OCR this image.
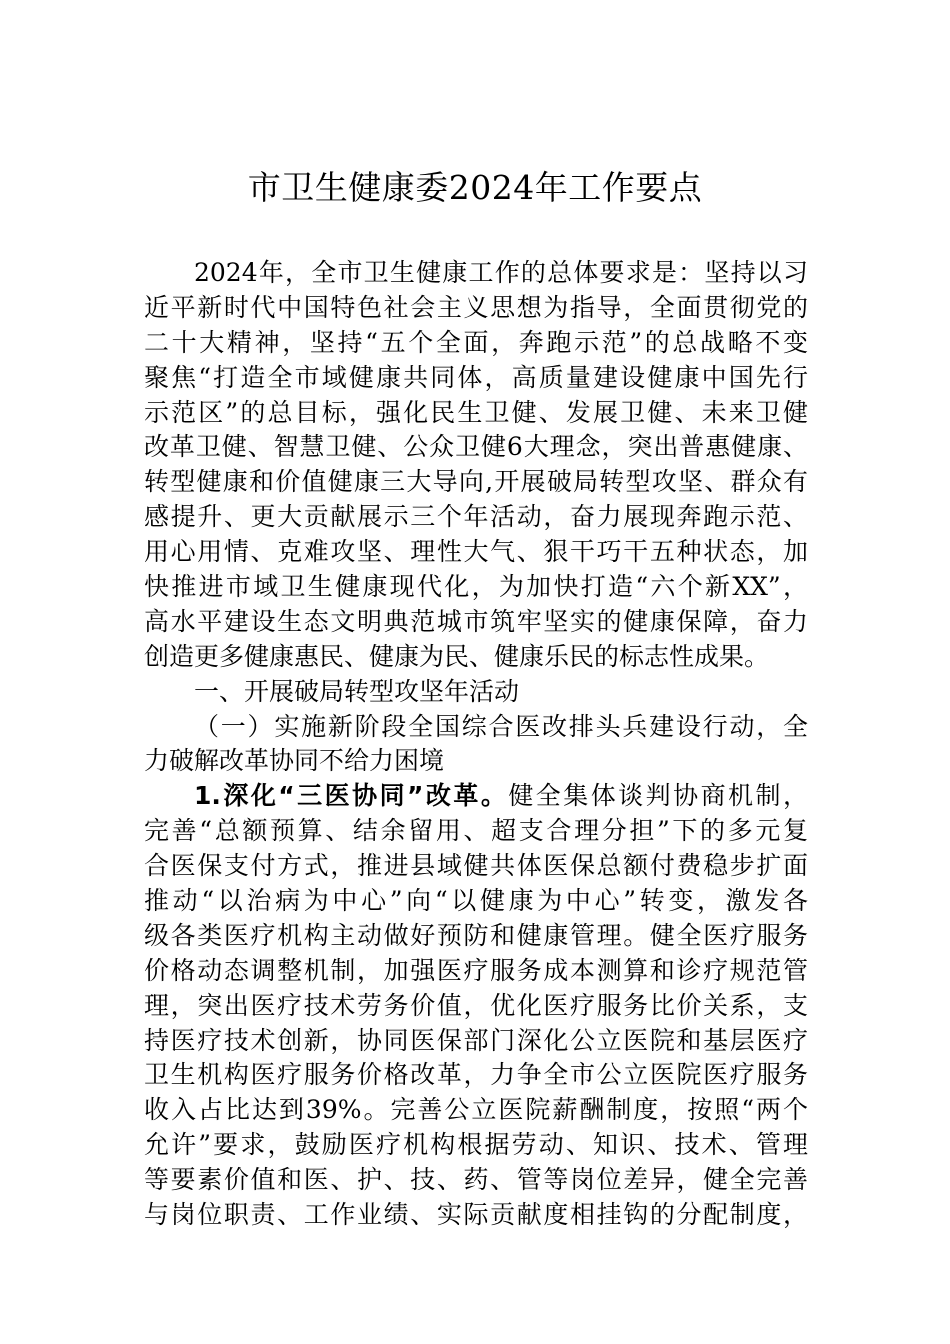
市卫生健康委2024年工作要点
2024年，全市卫生健康工作的总体要求是：坚持以习
近平新时代中国特色社会主义思想为指导，全面贯彻党的
二十大精神，坚持“五个全面，奔跑示范”的总战略不变
聚焦“打造全市域健康共同体，高质量建设健康中国先行
示范区”的总目标，强化民生卫健、发展卫健、未来卫健
改革卫健、智慧卫健、公众卫健6大理念，突出普惠健康、
转型健康和价值健康三大导向,开展破局转型攻坚、群众有
感提升、更大贡献展示三个年活动，奋力展现奔跑示范、
用心用情、克难攻坚、理性大气、狠干巧干五种状态，加
快推进市域卫生健康现代化，为加快打造“六个新XX”，
高水平建设生态文明典范城市筑牢坚实的健康保障，奋力
创造更多健康惠民、健康为民、健康乐民的标志性成果。
一、开展破局转型攻坚年活动
（一）实施新阶段全国综合医改排头兵建设行动，全
力破解改革协同不给力困境
1.深化“三医协同”改革。健全集体谈判协商机制，
完善“总额预算、结余留用、超支合理分担”下的多元复
合医保支付方式，推进县域健共体医保总额付费稳步扩面
推动“以治病为中心”向“以健康为中心”转变，激发各
级各类医疗机构主动做好预防和健康管理。健全医疗服务
价格动态调整机制，加强医疗服务成本测算和诊疗规范管
理，突出医疗技术劳务价值，优化医疗服务比价关系，支
持医疗技术创新，协同医保部门深化公立医院和基层医疗
卫生机构医疗服务价格改革，力争全市公立医院医疗服务
收入占比达到39%。完善公立医院薪酬制度，按照“两个
允许”要求，鼓励医疗机构根据劳动、知识、技术、管理
等要素价值和医、护、技、药、管等岗位差异，健全完善
与岗位职责、工作业绩、实际贡献度相挂钩的分配制度，
